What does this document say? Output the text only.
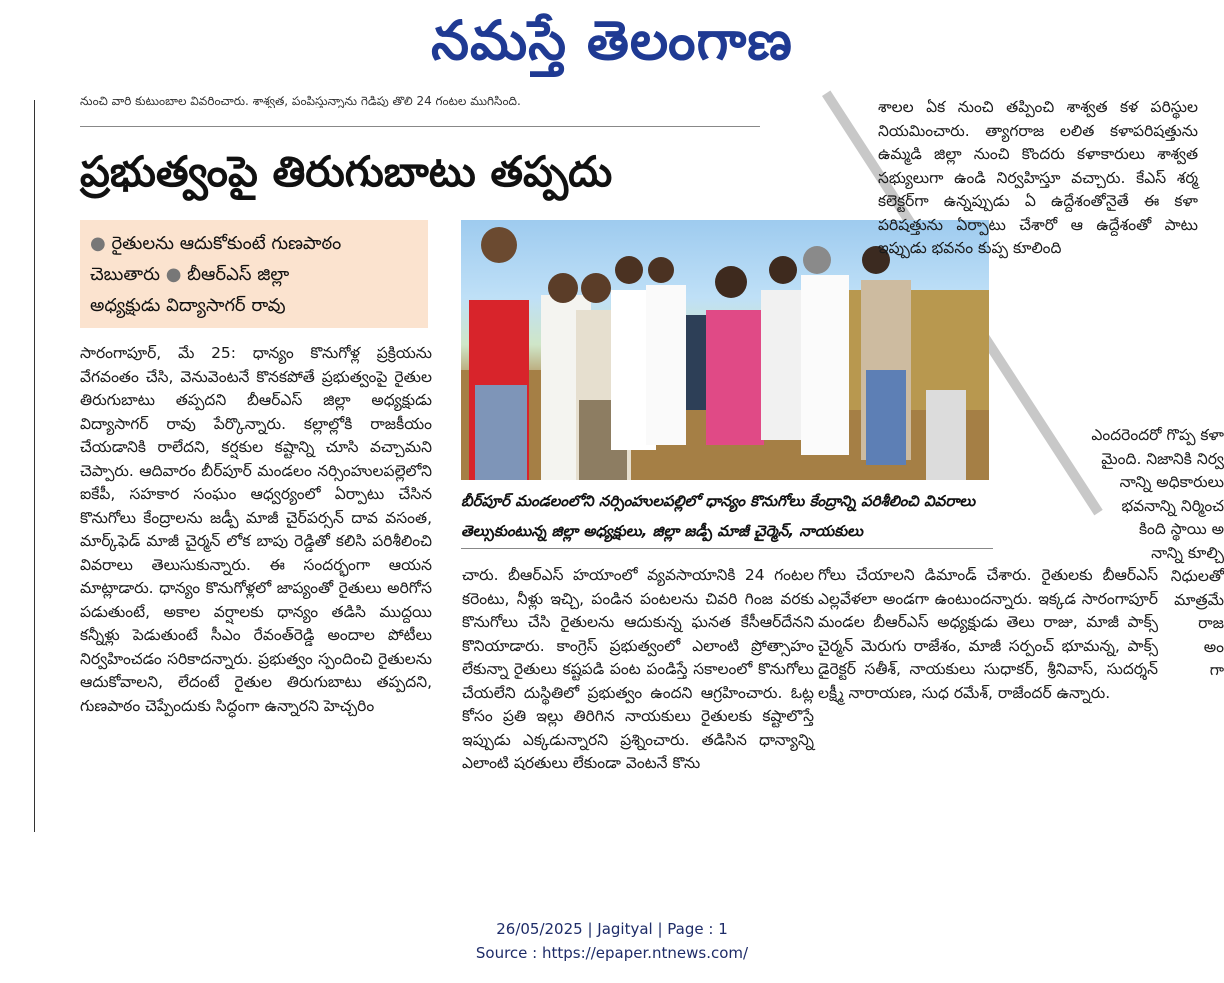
నమస్తే తెలంగాణ
నుంచి వారి కుటుంబాల వివరించారు. శాశ్వత, పంపిస్తున్నాను గెడిపు తొలి 24 గంటల ముగిసింది.
ప్రభుత్వంపై తిరుగుబాటు తప్పదు
● రైతులను ఆదుకోకుంటే గుణపాఠం
చెబుతారు ● బీఆర్‌ఎస్ జిల్లా
అధ్యక్షుడు విద్యాసాగర్ రావు
బీర్‌పూర్ మండలంలోని నర్సింహులపల్లిలో ధాన్యం కొనుగోలు కేంద్రాన్ని పరిశీలించి వివరాలు తెల్సుకుంటున్న జిల్లా అధ్యక్షులు, జిల్లా జడ్పీ మాజీ చైర్మెన్, నాయకులు

సారంగాపూర్, మే 25: ధాన్యం కొనుగోళ్ల ప్రక్రియను వేగవంతం చేసి, వెనువెంటనే కొనకపోతే ప్రభుత్వంపై రైతుల తిరుగుబాటు తప్పదని బీఆర్‌ఎస్ జిల్లా అధ్యక్షుడు విద్యాసాగర్ రావు పేర్కొన్నారు. కల్లాల్లోకి రాజకీయం చేయడానికి రాలేదని, కర్షకుల కష్టాన్ని చూసి వచ్చామని చెప్పారు. ఆదివారం బీర్‌పూర్ మండలం నర్సింహులపల్లెలోని ఐకేపీ, సహకార సంఘం ఆధ్వర్యంలో ఏర్పాటు చేసిన కొనుగోలు కేంద్రాలను జడ్పీ మాజీ చైర్‌పర్సన్ దావ వసంత, మార్క్‌ఫెడ్ మాజీ చైర్మన్ లోక బాపు రెడ్డితో కలిసి పరిశీలించి వివరాలు తెలుసుకున్నారు. ఈ సందర్భంగా ఆయన మాట్లాడారు. ధాన్యం కొనుగోళ్లలో జాప్యంతో రైతులు అరిగోస పడుతుంటే, అకాల వర్షాలకు ధాన్యం తడిసి ముద్దయి కన్నీళ్లు పెడుతుంటే సీఎం రేవంత్‌రెడ్డి అందాల పోటీలు నిర్వహించడం సరికాదన్నారు. ప్రభుత్వం స్పందించి రైతులను ఆదుకోవాలని, లేదంటే రైతుల తిరుగుబాటు తప్పదని, గుణపాఠం చెప్పేందుకు సిద్ధంగా ఉన్నారని హెచ్చరిం

చారు. బీఆర్‌ఎస్ హయాంలో వ్యవసాయానికి 24 గంటల కరెంటు, నీళ్లు ఇచ్చి, పండిన పంటలను చివరి గింజ వరకు కొనుగోలు చేసి రైతులను ఆదుకున్న ఘనత కేసీఆర్‌దేనని కొనియాడారు. కాంగ్రెస్ ప్రభుత్వంలో ఎలాంటి ప్రోత్సాహం లేకున్నా రైతులు కష్టపడి పంట పండిస్తే సకాలంలో కొనుగోలు చేయలేని దుస్థితిలో ప్రభుత్వం ఉందని ఆగ్రహించారు. ఓట్ల కోసం ప్రతి ఇల్లు తిరిగిన నాయకులు రైతులకు కష్టాలొస్తే ఇప్పుడు ఎక్కడున్నారని ప్రశ్నించారు. తడిసిన ధాన్యాన్ని ఎలాంటి షరతులు లేకుండా వెంటనే కొను

గోలు చేయాలని డిమాండ్ చేశారు. రైతులకు బీఆర్‌ఎస్ ఎల్లవేళలా అండగా ఉంటుందన్నారు. ఇక్కడ సారంగాపూర్ మండల బీఆర్‌ఎస్ అధ్యక్షుడు తెలు రాజు, మాజీ పాక్స్ చైర్మన్ మెరుగు రాజేశం, మాజీ సర్పంచ్ భూమన్న, పాక్స్ డైరెక్టర్ సతీశ్, నాయకులు సుధాకర్, శ్రీనివాస్, సుదర్శన్ లక్ష్మీ నారాయణ, సుధ రమేశ్, రాజేందర్ ఉన్నారు.

శాలల ఏక నుంచి తప్పించి శాశ్వత కళ పరిస్థుల నియమించారు. త్యాగరాజ లలిత కళాపరిషత్తును ఉమ్మడి జిల్లా నుంచి కొందరు కళాకారులు శాశ్వత సభ్యులుగా ఉండి నిర్వహిస్తూ వచ్చారు. కేఎస్ శర్మ కలెక్టర్‌గా ఉన్నప్పుడు ఏ ఉద్దేశంతోనైతే ఈ కళా పరిషత్తును ఏర్పాటు చేశారో ఆ ఉద్దేశంతో పాటు ఇప్పుడు భవనం కుప్ప కూలింది

ఎందరెందరో గొప్ప కళా
మైంది. నిజానికి నిర్వ
నాన్ని అధికారులు
భవనాన్ని నిర్మించ
కింది స్థాయి అ
నాన్ని కూల్చి
నిధులతో
మాత్రమే
రాజ
అం
గా
26/05/2025 | Jagityal | Page : 1
Source : https://epaper.ntnews.com/
